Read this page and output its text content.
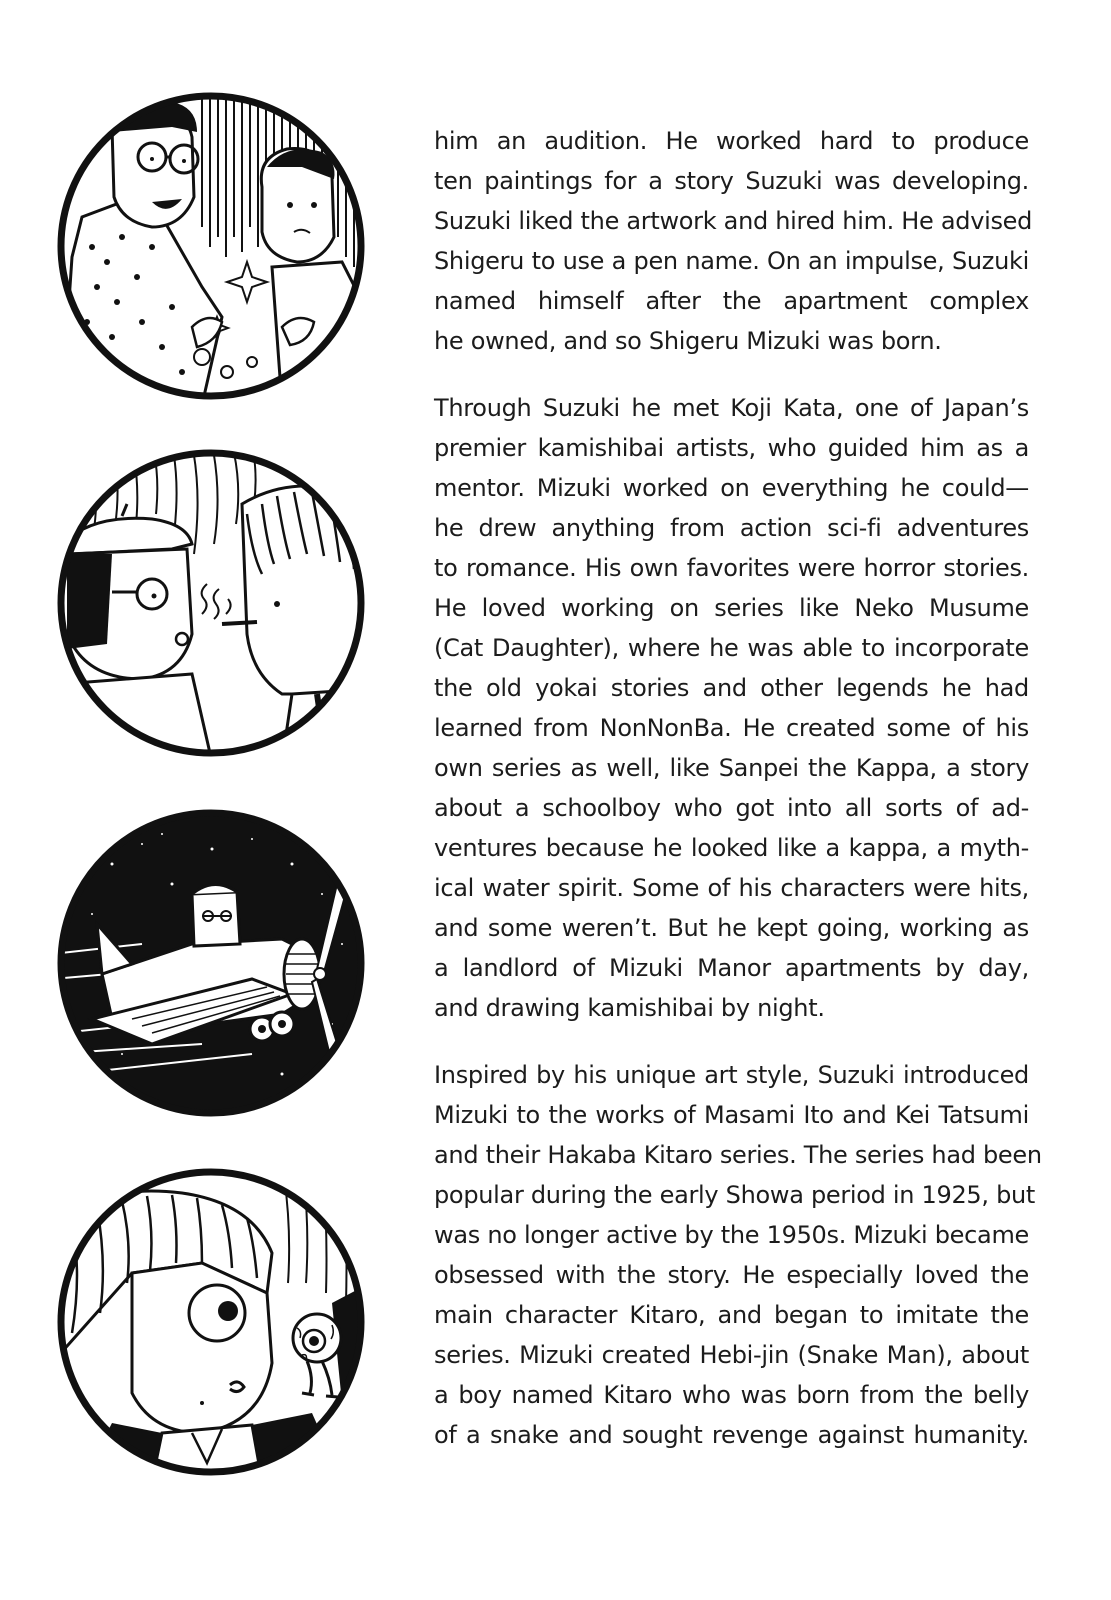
him an audition. He worked hard to produce
ten paintings for a story Suzuki was developing.
Suzuki liked the artwork and hired him. He advised
Shigeru to use a pen name. On an impulse, Suzuki
named himself after the apartment complex
he owned, and so Shigeru Mizuki was born.

Through Suzuki he met Koji Kata, one of Japan’s
premier kamishibai artists, who guided him as a
mentor. Mizuki worked on everything he could—
he drew anything from action sci-fi adventures
to romance. His own favorites were horror stories.
He loved working on series like Neko Musume
(Cat Daughter), where he was able to incorporate
the old yokai stories and other legends he had
learned from NonNonBa. He created some of his
own series as well, like Sanpei the Kappa, a story
about a schoolboy who got into all sorts of ad-
ventures because he looked like a kappa, a myth-
ical water spirit. Some of his characters were hits,
and some weren’t. But he kept going, working as
a landlord of Mizuki Manor apartments by day,
and drawing kamishibai by night.

Inspired by his unique art style, Suzuki introduced
Mizuki to the works of Masami Ito and Kei Tatsumi
and their Hakaba Kitaro series. The series had been
popular during the early Showa period in 1925, but
was no longer active by the 1950s. Mizuki became
obsessed with the story. He especially loved the
main character Kitaro, and began to imitate the
series. Mizuki created Hebi-jin (Snake Man), about
a boy named Kitaro who was born from the belly
of a snake and sought revenge against humanity.
